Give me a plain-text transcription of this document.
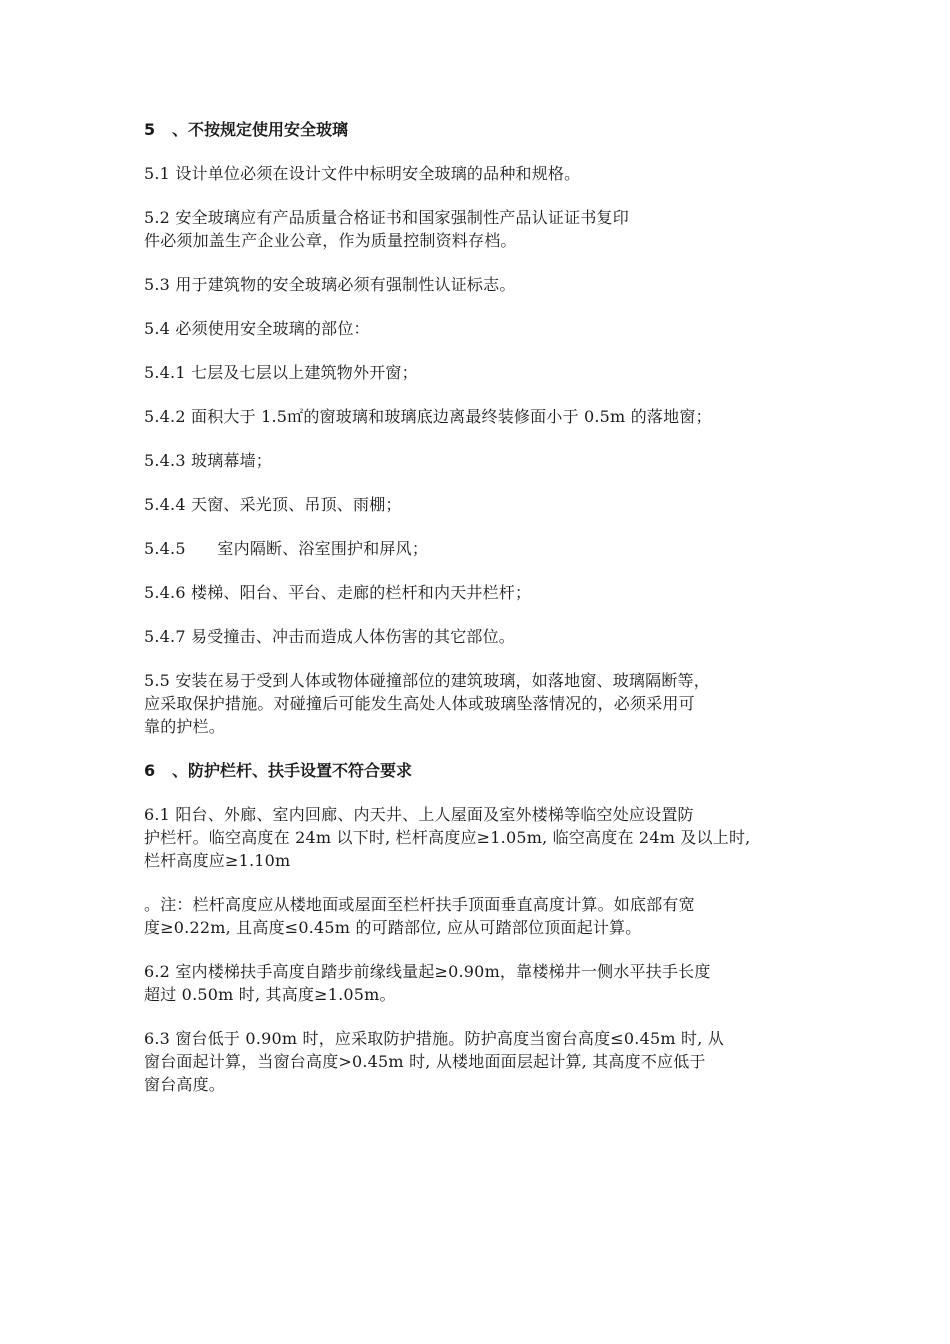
5 、不按规定使用安全玻璃
5.1 设计单位必须在设计文件中标明安全玻璃的品种和规格。
5.2 安全玻璃应有产品质量合格证书和国家强制性产品认证证书复印
件必须加盖生产企业公章，作为质量控制资料存档。
5.3 用于建筑物的安全玻璃必须有强制性认证标志。
5.4 必须使用安全玻璃的部位：
5.4.1 七层及七层以上建筑物外开窗；
5.4.2 面积大于 1.5㎡的窗玻璃和玻璃底边离最终装修面小于 0.5m 的落地窗；
5.4.3 玻璃幕墙；
5.4.4 天窗、采光顶、吊顶、雨棚；
5.4.5      室内隔断、浴室围护和屏风；
5.4.6 楼梯、阳台、平台、走廊的栏杆和内天井栏杆；
5.4.7 易受撞击、冲击而造成人体伤害的其它部位。
5.5 安装在易于受到人体或物体碰撞部位的建筑玻璃，如落地窗、玻璃隔断等，
应采取保护措施。对碰撞后可能发生高处人体或玻璃坠落情况的，必须采用可
靠的护栏。
6 、防护栏杆、扶手设置不符合要求
6.1 阳台、外廊、室内回廊、内天井、上人屋面及室外楼梯等临空处应设置防
护栏杆。临空高度在 24m 以下时, 栏杆高度应≥1.05m, 临空高度在 24m 及以上时,
栏杆高度应≥1.10m
。注：栏杆高度应从楼地面或屋面至栏杆扶手顶面垂直高度计算。如底部有宽
度≥0.22m, 且高度≤0.45m 的可踏部位, 应从可踏部位顶面起计算。
6.2 室内楼梯扶手高度自踏步前缘线量起≥0.90m，靠楼梯井一侧水平扶手长度
超过 0.50m 时, 其高度≥1.05m。
6.3 窗台低于 0.90m 时，应采取防护措施。防护高度当窗台高度≤0.45m 时, 从
窗台面起计算，当窗台高度>0.45m 时, 从楼地面面层起计算, 其高度不应低于
窗台高度。
